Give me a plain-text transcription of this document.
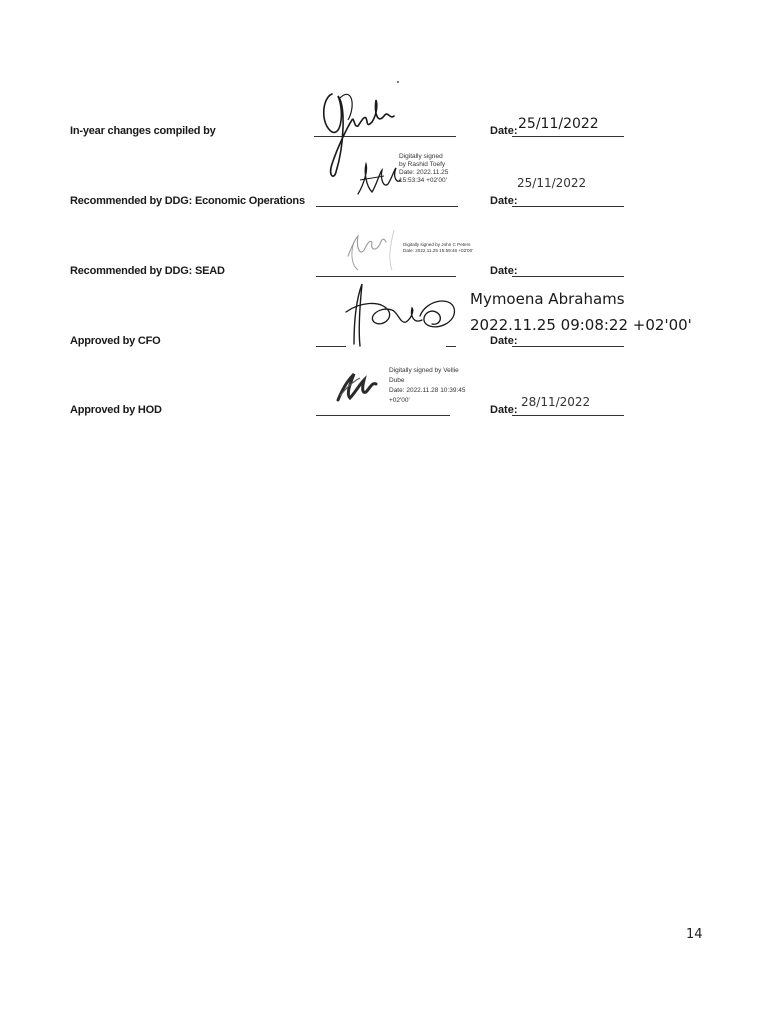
In-year changes compiled by	Date: 25/11/2022
Recommended by DDG: Economic Operations
Digitally signed
by Rashid Toefy
Date: 2022.11.25
15:53:34 +02'00'
Date:
25/11/2022
Recommended by DDG: SEAD
Digitally signed by John C Peters
Date: 2022.11.25 15:59:48 +02'00'
Date:
Approved by CFO
Mymoena Abrahams
2022.11.25 09:08:22 +02'00'
Date:
Approved by HOD
Digitally signed by Vellie
Dube
Date: 2022.11.28 10:39:45
+02'00'
Date:
28/11/2022
14
